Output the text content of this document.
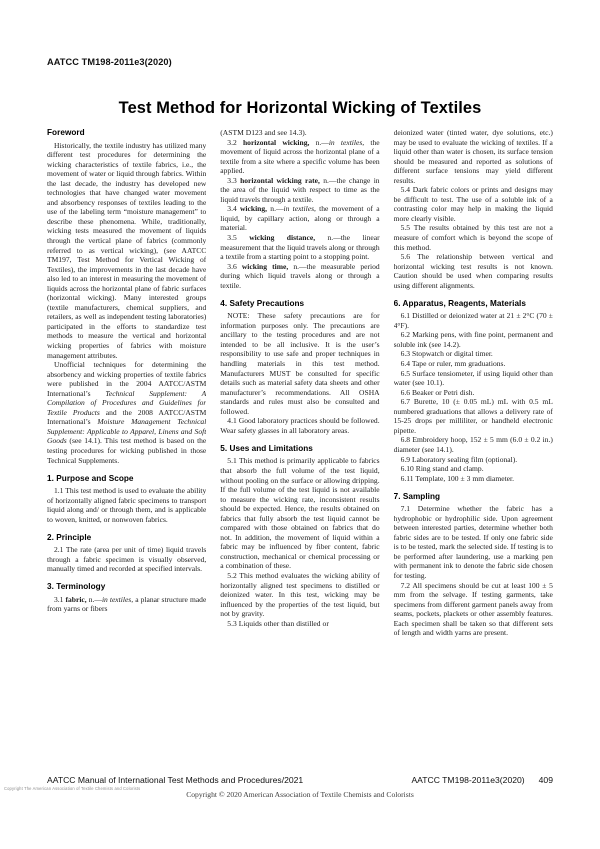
AATCC TM198-2011e3(2020)
Test Method for Horizontal Wicking of Textiles
Foreword

Historically, the textile industry has utilized many different test procedures for determining the wicking characteristics of textile fabrics, i.e., the movement of water or liquid through fabrics. Within the last decade, the industry has developed new technologies that have changed water movement and absorbency responses of textiles leading to the use of the labeling term “moisture management” to describe these phenomena. While, traditionally, wicking tests measured the movement of liquids through the vertical plane of fabrics (commonly referred to as vertical wicking), (see AATCC TM197, Test Method for Vertical Wicking of Textiles), the improvements in the last decade have also led to an interest in measuring the movement of liquids across the horizontal plane of fabric surfaces (horizontal wicking). Many interested groups (textile manufacturers, chemical suppliers, and retailers, as well as independent testing laboratories) participated in the efforts to standardize test methods to measure the vertical and horizontal wicking properties of fabrics with moisture management attributes.

Unofficial techniques for determining the absorbency and wicking properties of textile fabrics were published in the 2004 AATCC/ASTM International’s Technical Supplement: A Compilation of Procedures and Guidelines for Textile Products and the 2008 AATCC/ASTM International’s Moisture Management Technical Supplement: Applicable to Apparel, Linens and Soft Goods (see 14.1). This test method is based on the testing procedures for wicking published in those Technical Supplements.

1. Purpose and Scope

1.1 This test method is used to evaluate the ability of horizontally aligned fabric specimens to transport liquid along and/ or through them, and is applicable to woven, knitted, or nonwoven fabrics.

2. Principle

2.1 The rate (area per unit of time) liquid travels through a fabric specimen is visually observed, manually timed and recorded at specified intervals.

3. Terminology

3.1 fabric, n.—in textiles, a planar structure made from yarns or fibers

(ASTM D123 and see 14.3).

3.2 horizontal wicking, n.—in textiles, the movement of liquid across the horizontal plane of a textile from a site where a specific volume has been applied.

3.3 horizontal wicking rate, n.—the change in the area of the liquid with respect to time as the liquid travels through a textile.

3.4 wicking, n.—in textiles, the movement of a liquid, by capillary action, along or through a material.

3.5 wicking distance, n.—the linear measurement that the liquid travels along or through a textile from a starting point to a stopping point.

3.6 wicking time, n.—the measurable period during which liquid travels along or through a textile.

4. Safety Precautions

NOTE: These safety precautions are for information purposes only. The precautions are ancillary to the testing procedures and are not intended to be all inclusive. It is the user’s responsibility to use safe and proper techniques in handling materials in this test method. Manufacturers MUST be consulted for specific details such as material safety data sheets and other manufacturer’s recommendations. All OSHA standards and rules must also be consulted and followed.

4.1 Good laboratory practices should be followed. Wear safety glasses in all laboratory areas.

5. Uses and Limitations

5.1 This method is primarily applicable to fabrics that absorb the full volume of the test liquid, without pooling on the surface or allowing dripping. If the full volume of the test liquid is not available to measure the wicking rate, inconsistent results should be expected. Hence, the results obtained on fabrics that fully absorb the test liquid cannot be compared with those obtained on fabrics that do not. In addition, the movement of liquid within a fabric may be influenced by fiber content, fabric construction, mechanical or chemical processing or a combination of these.

5.2 This method evaluates the wicking ability of horizontally aligned test specimens to distilled or deionized water. In this test, wicking may be influenced by the properties of the test liquid, but not by gravity.

5.3 Liquids other than distilled or

deionized water (tinted water, dye solutions, etc.) may be used to evaluate the wicking of textiles. If a liquid other than water is chosen, its surface tension should be measured and reported as solutions of different surface tensions may yield different results.

5.4 Dark fabric colors or prints and designs may be difficult to test. The use of a soluble ink of a contrasting color may help in making the liquid more clearly visible.

5.5 The results obtained by this test are not a measure of comfort which is beyond the scope of this method.

5.6 The relationship between vertical and horizontal wicking test results is not known. Caution should be used when comparing results using different alignments.

6. Apparatus, Reagents, Materials

6.1 Distilled or deionized water at 21 ± 2°C (70 ± 4°F).

6.2 Marking pens, with fine point, permanent and soluble ink (see 14.2).

6.3 Stopwatch or digital timer.

6.4 Tape or ruler, mm graduations.

6.5 Surface tensiometer, if using liquid other than water (see 10.1).

6.6 Beaker or Petri dish.

6.7 Burette, 10 (± 0.05 mL) mL with 0.5 mL numbered graduations that allows a delivery rate of 15-25 drops per milliliter, or handheld electronic pipette.

6.8 Embroidery hoop, 152 ± 5 mm (6.0 ± 0.2 in.) diameter (see 14.1).

6.9 Laboratory sealing film (optional).

6.10 Ring stand and clamp.

6.11 Template, 100 ± 3 mm diameter.

7. Sampling

7.1 Determine whether the fabric has a hydrophobic or hydrophilic side. Upon agreement between interested parties, determine whether both fabric sides are to be tested. If only one fabric side is to be tested, mark the selected side. If testing is to be performed after laundering, use a marking pen with permanent ink to denote the fabric side chosen for testing.

7.2 All specimens should be cut at least 100 ± 5 mm from the selvage. If testing garments, take specimens from different garment panels away from seams, pockets, plackets or other assembly features. Each specimen shall be taken so that different sets of length and width yarns are present.

AATCC Manual of International Test Methods and Procedures/2021	AATCC TM198-2011e3(2020) 409
Copyright The American Association of Textile Chemists and Colorists
Copyright © 2020 American Association of Textile Chemists and Colorists
